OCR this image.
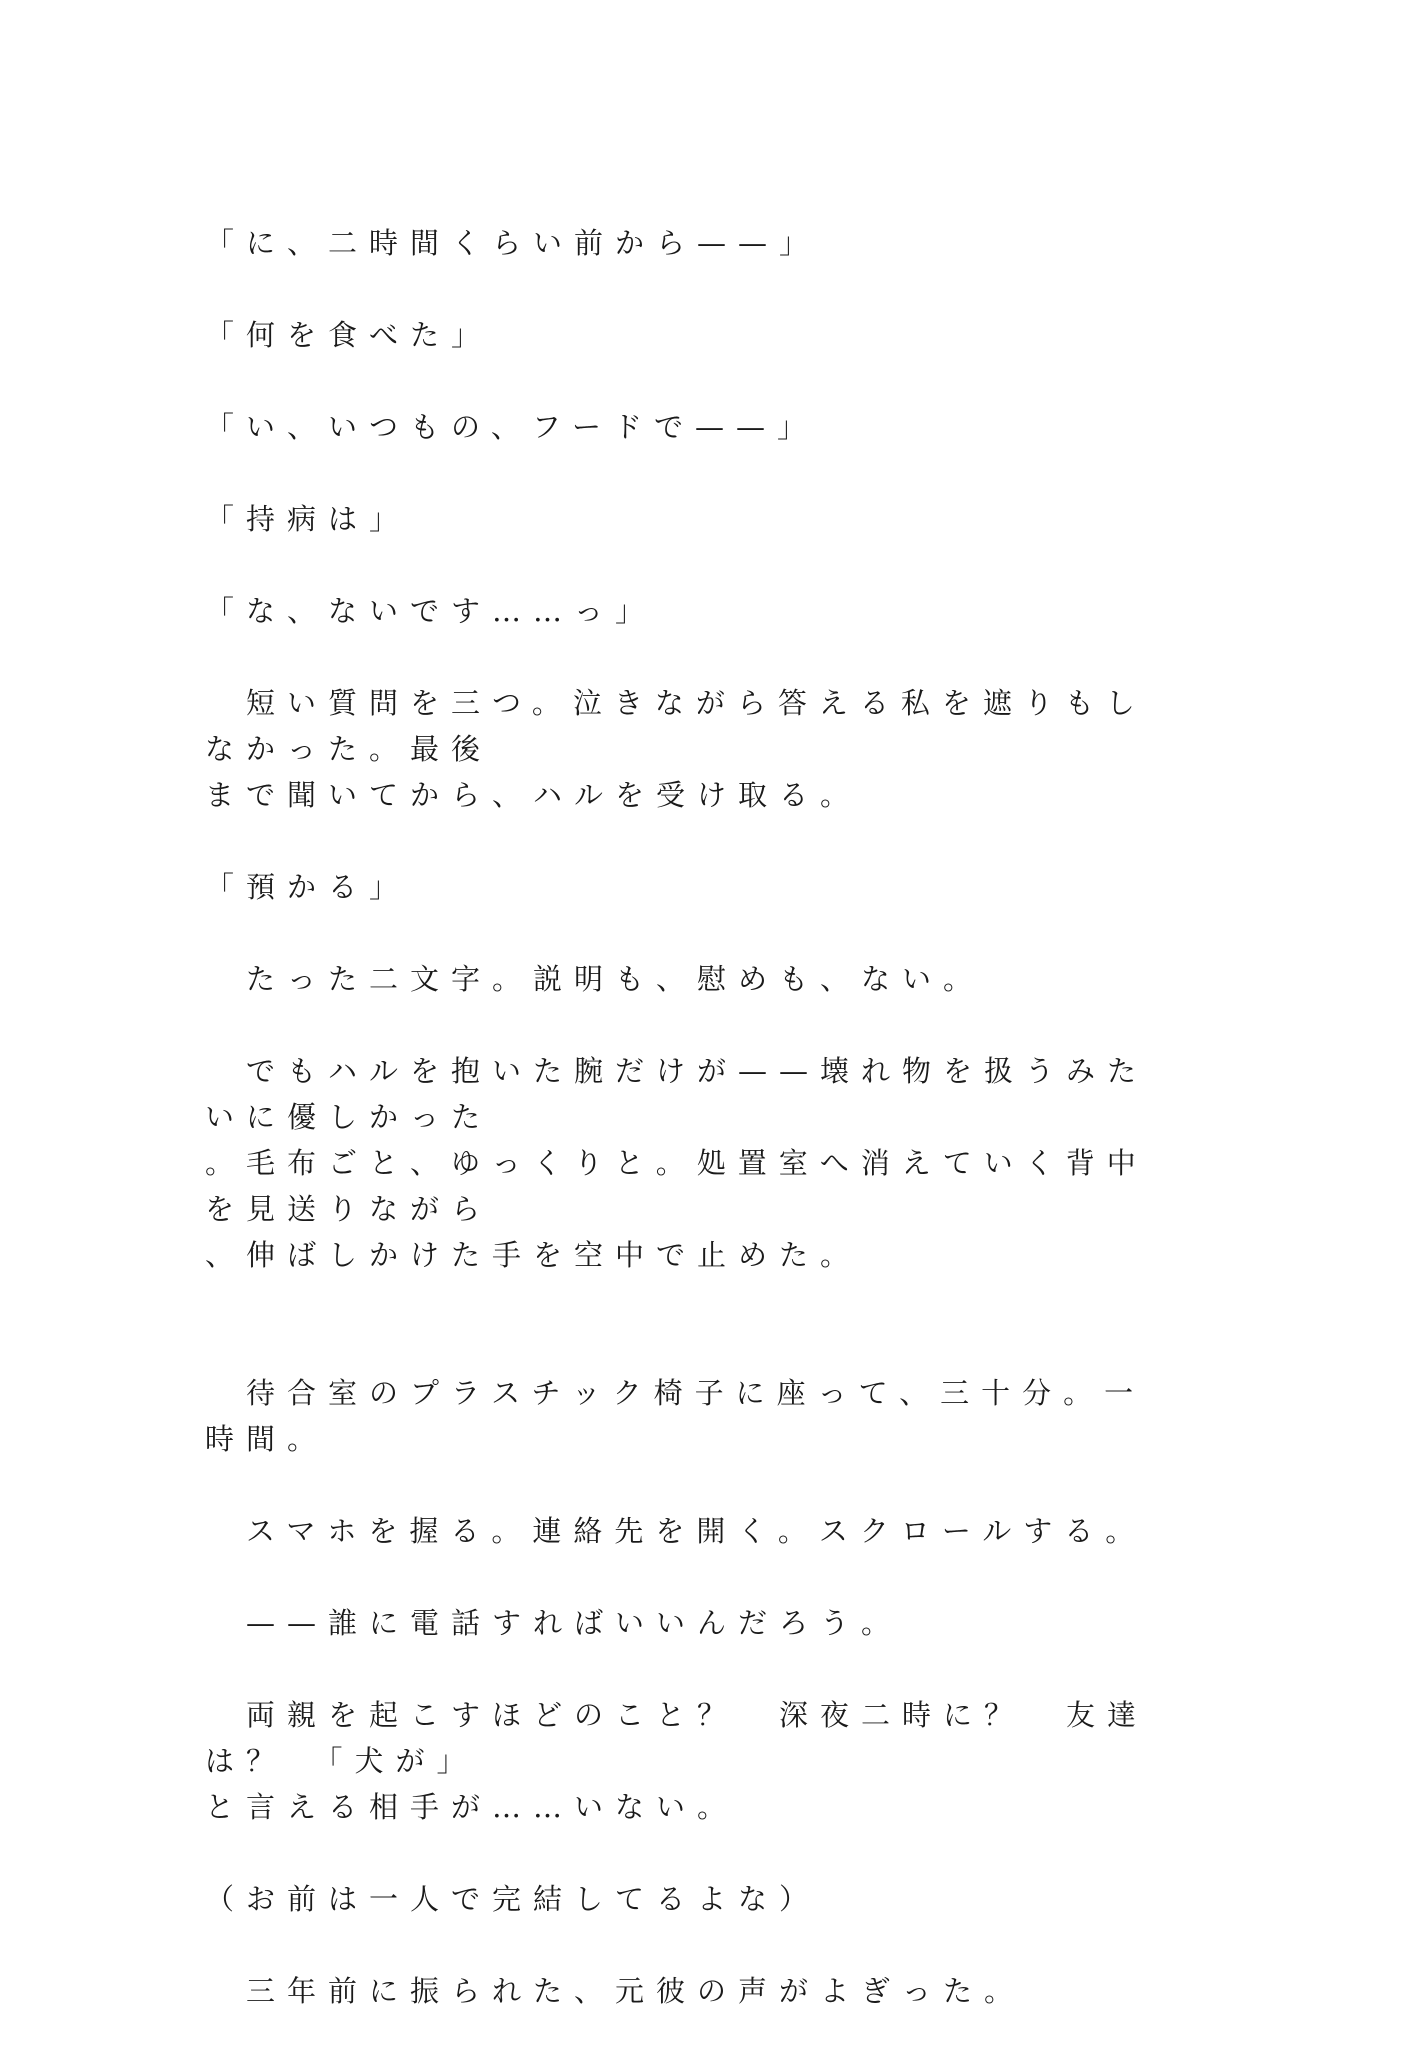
「に、二時間くらい前から——」

「何を食べた」

「い、いつもの、フードで——」

「持病は」

「な、ないです……っ」

　短い質問を三つ。泣きながら答える私を遮りもしなかった。最後
まで聞いてから、ハルを受け取る。

「預かる」

　たった二文字。説明も、慰めも、ない。

　でもハルを抱いた腕だけが——壊れ物を扱うみたいに優しかった
。毛布ごと、ゆっくりと。処置室へ消えていく背中を見送りながら
、伸ばしかけた手を空中で止めた。

　待合室のプラスチック椅子に座って、三十分。一時間。

　スマホを握る。連絡先を開く。スクロールする。

　——誰に電話すればいいんだろう。

　両親を起こすほどのこと？　深夜二時に？　友達は？　「犬が」
と言える相手が……いない。

（お前は一人で完結してるよな）

　三年前に振られた、元彼の声がよぎった。
